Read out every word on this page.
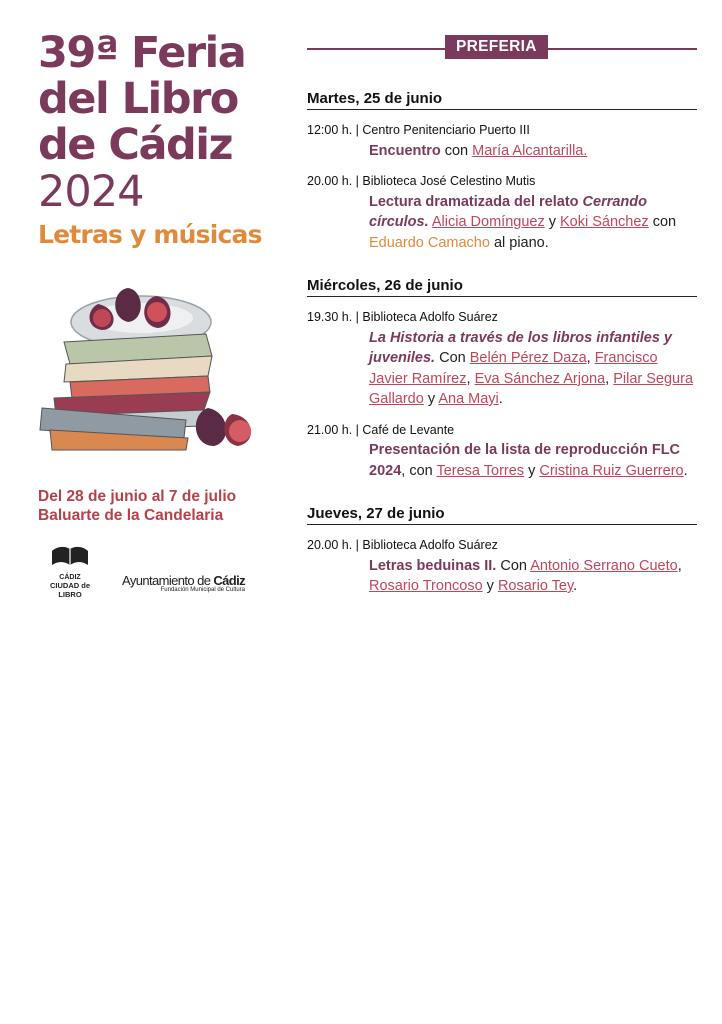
39ª Feria
del Libro
de Cádiz
2024
Letras y músicas
Del 28 de junio al 7 de julio
Baluarte de la Candelaria
CÁDIZ
CIUDAD de LIBRO
Ayuntamiento de Cádiz
Fundación Municipal de Cultura
PREFERIA
Martes, 25 de junio
12:00 h. | Centro Penitenciario Puerto III
Encuentro con María Alcantarilla.
20.00 h. | Biblioteca José Celestino Mutis
Lectura dramatizada del relato Cerrando círculos. Alicia Domínguez y Koki Sánchez con Eduardo Camacho al piano.
Miércoles, 26 de junio
19.30 h. | Biblioteca Adolfo Suárez
La Historia a través de los libros infantiles y juveniles. Con Belén Pérez Daza, Francisco Javier Ramírez, Eva Sánchez Arjona, Pilar Segura Gallardo y Ana Mayi.
21.00 h. | Café de Levante
Presentación de la lista de reproducción FLC 2024, con Teresa Torres y Cristina Ruiz Guerrero.
Jueves, 27 de junio
20.00 h. | Biblioteca Adolfo Suárez
Letras beduinas II. Con Antonio Serrano Cueto, Rosario Troncoso y Rosario Tey.
